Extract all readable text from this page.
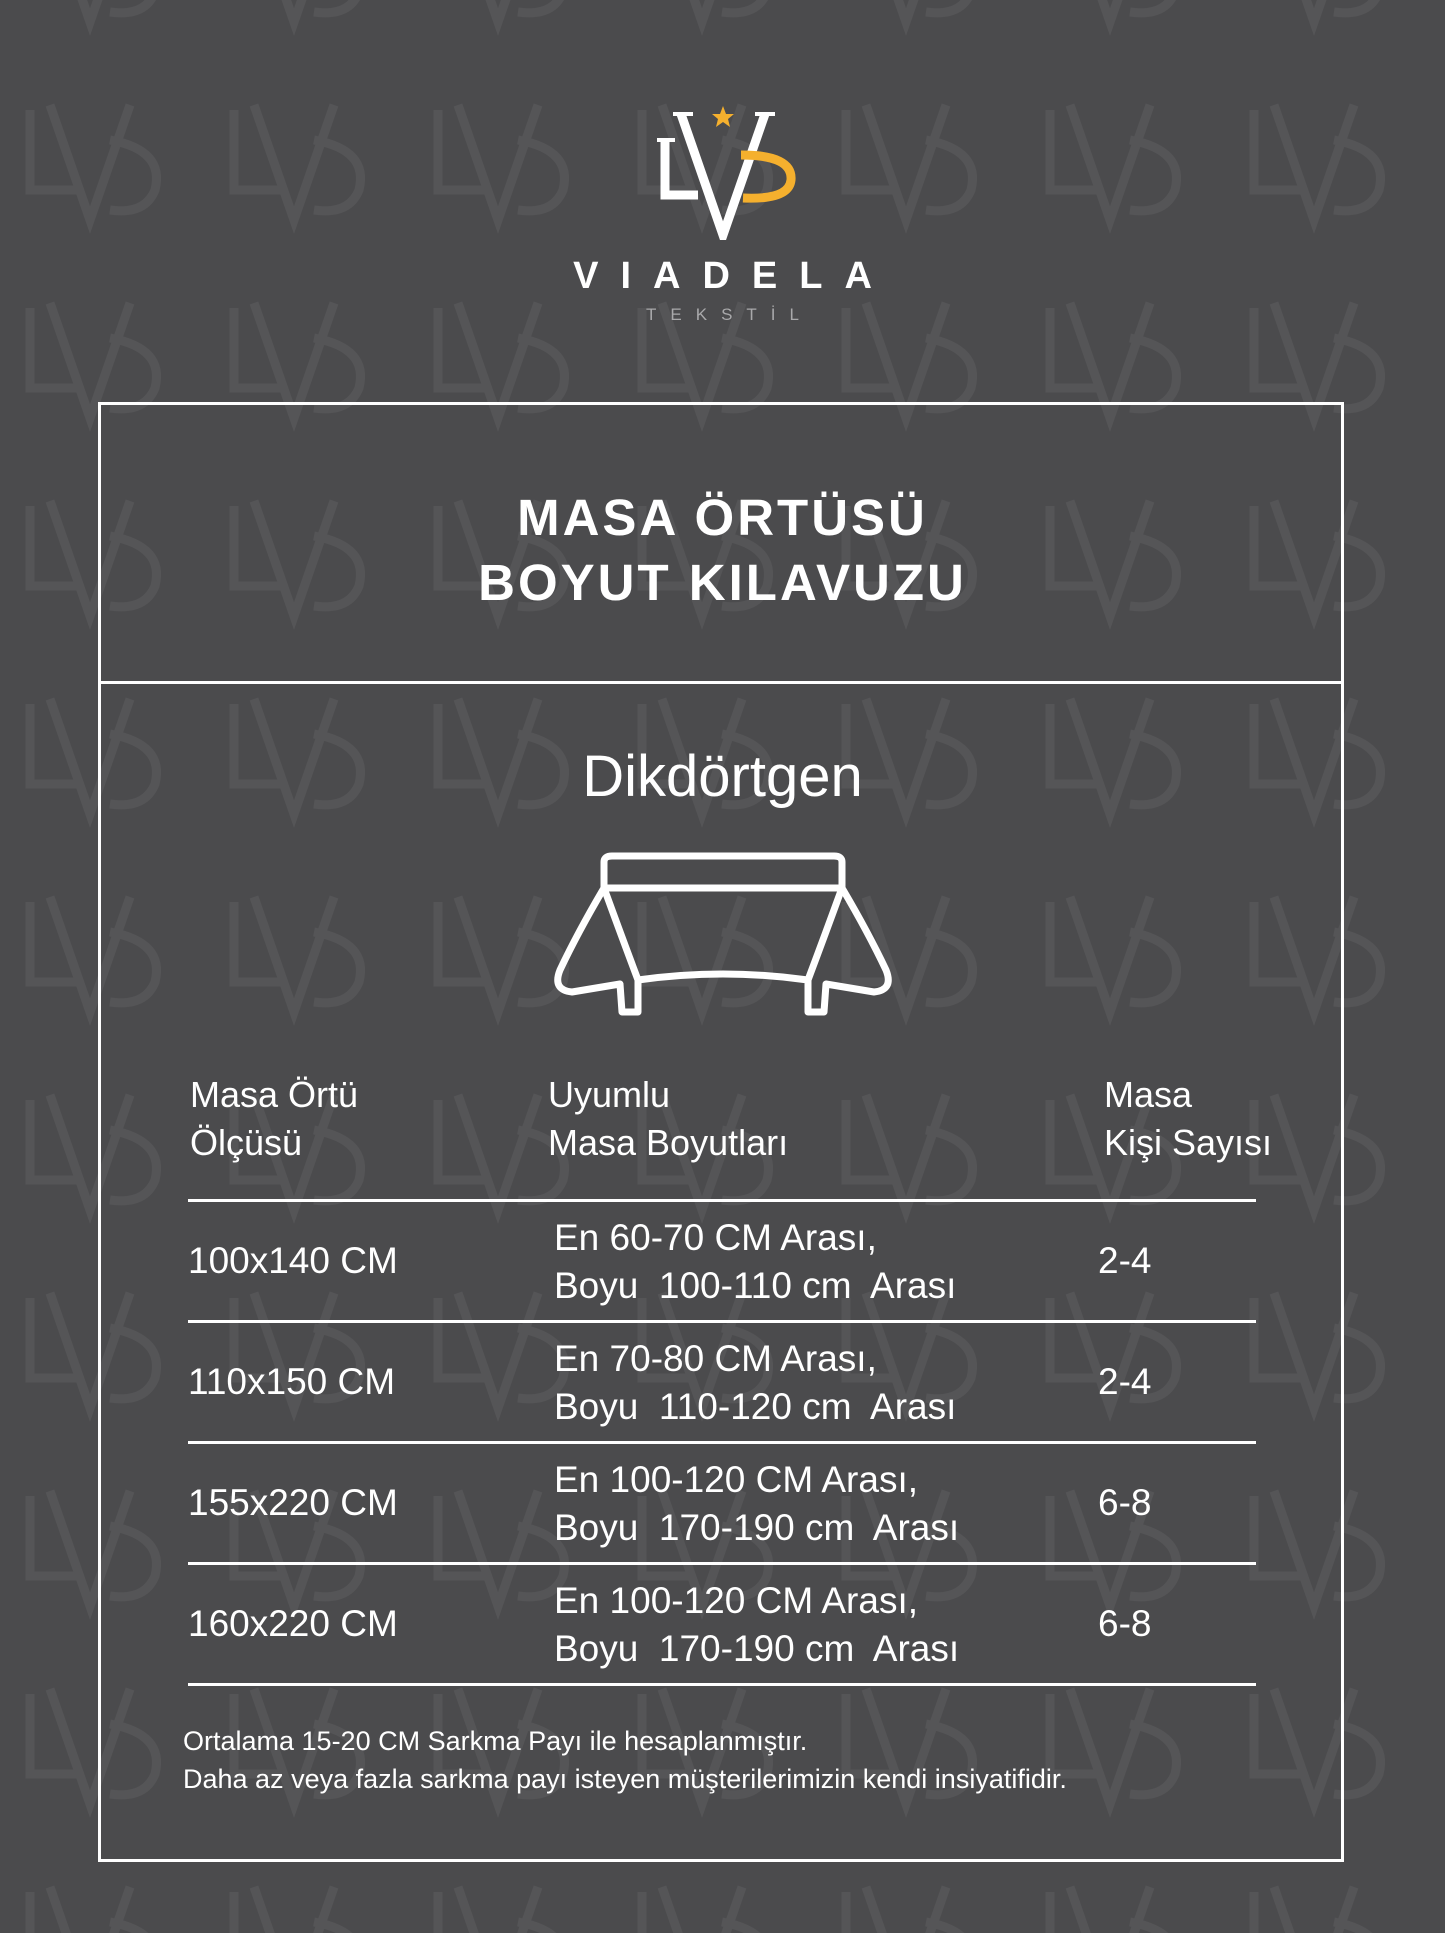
VIADELA
TEKSTİL
MASA ÖRTÜSÜ
BOYUT KILAVUZU
Dikdörtgen
Masa Örtü
Ölçüsü
Uyumlu
Masa Boyutları
Masa
Kişi Sayısı
100x140 CM
En 60-70 CM Arası,
Boyu  100-110 cm  Arası
2-4
110x150 CM
En 70-80 CM Arası,
Boyu  110-120 cm  Arası
2-4
155x220 CM
En 100-120 CM Arası,
Boyu  170-190 cm  Arası
6-8
160x220 CM
En 100-120 CM Arası,
Boyu  170-190 cm  Arası
6-8
Ortalama 15-20 CM Sarkma Payı ile hesaplanmıştır.
Daha az veya fazla sarkma payı isteyen müşterilerimizin kendi insiyatifidir.
